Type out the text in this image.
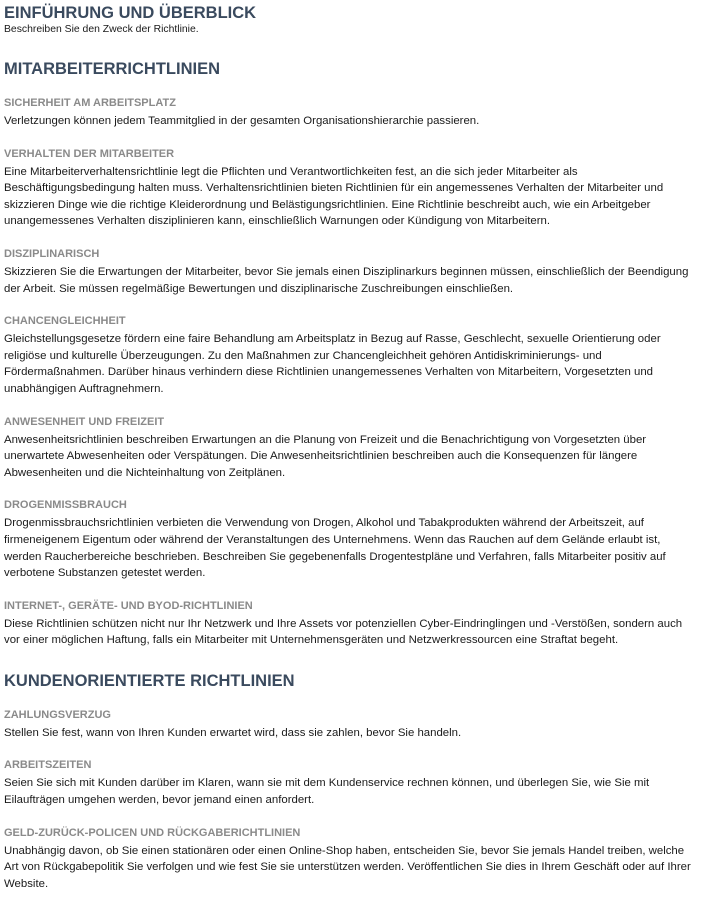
EINFÜHRUNG UND ÜBERBLICK

Beschreiben Sie den Zweck der Richtlinie.

MITARBEITERRICHTLINIEN
SICHERHEIT AM ARBEITSPLATZ

Verletzungen können jedem Teammitglied in der gesamten Organisationshierarchie passieren.

VERHALTEN DER MITARBEITER

Eine Mitarbeiterverhaltensrichtlinie legt die Pflichten und Verantwortlichkeiten fest, an die sich jeder Mitarbeiter als Beschäftigungsbedingung halten muss. Verhaltensrichtlinien bieten Richtlinien für ein angemessenes Verhalten der Mitarbeiter und skizzieren Dinge wie die richtige Kleiderordnung und Belästigungsrichtlinien. Eine Richtlinie beschreibt auch, wie ein Arbeitgeber unangemessenes Verhalten disziplinieren kann, einschließlich Warnungen oder Kündigung von Mitarbeitern.

DISZIPLINARISCH

Skizzieren Sie die Erwartungen der Mitarbeiter, bevor Sie jemals einen Disziplinarkurs beginnen müssen, einschließlich der Beendigung der Arbeit. Sie müssen regelmäßige Bewertungen und disziplinarische Zuschreibungen einschließen.

CHANCENGLEICHHEIT

Gleichstellungsgesetze fördern eine faire Behandlung am Arbeitsplatz in Bezug auf Rasse, Geschlecht, sexuelle Orientierung oder religiöse und kulturelle Überzeugungen. Zu den Maßnahmen zur Chancengleichheit gehören Antidiskriminierungs- und Fördermaßnahmen. Darüber hinaus verhindern diese Richtlinien unangemessenes Verhalten von Mitarbeitern, Vorgesetzten und unabhängigen Auftragnehmern.

ANWESENHEIT UND FREIZEIT

Anwesenheitsrichtlinien beschreiben Erwartungen an die Planung von Freizeit und die Benachrichtigung von Vorgesetzten über unerwartete Abwesenheiten oder Verspätungen. Die Anwesenheitsrichtlinien beschreiben auch die Konsequenzen für längere Abwesenheiten und die Nichteinhaltung von Zeitplänen.

DROGENMISSBRAUCH

Drogenmissbrauchsrichtlinien verbieten die Verwendung von Drogen, Alkohol und Tabakprodukten während der Arbeitszeit, auf firmeneigenem Eigentum oder während der Veranstaltungen des Unternehmens. Wenn das Rauchen auf dem Gelände erlaubt ist, werden Raucherbereiche beschrieben. Beschreiben Sie gegebenenfalls Drogentestpläne und Verfahren, falls Mitarbeiter positiv auf verbotene Substanzen getestet werden.

INTERNET-, GERÄTE- UND BYOD-RICHTLINIEN

Diese Richtlinien schützen nicht nur Ihr Netzwerk und Ihre Assets vor potenziellen Cyber-Eindringlingen und -Verstößen, sondern auch vor einer möglichen Haftung, falls ein Mitarbeiter mit Unternehmensgeräten und Netzwerkressourcen eine Straftat begeht.

KUNDENORIENTIERTE RICHTLINIEN
ZAHLUNGSVERZUG

Stellen Sie fest, wann von Ihren Kunden erwartet wird, dass sie zahlen, bevor Sie handeln.

ARBEITSZEITEN

Seien Sie sich mit Kunden darüber im Klaren, wann sie mit dem Kundenservice rechnen können, und überlegen Sie, wie Sie mit Eilaufträgen umgehen werden, bevor jemand einen anfordert.

GELD-ZURÜCK-POLICEN UND RÜCKGABERICHTLINIEN

Unabhängig davon, ob Sie einen stationären oder einen Online-Shop haben, entscheiden Sie, bevor Sie jemals Handel treiben, welche Art von Rückgabepolitik Sie verfolgen und wie fest Sie sie unterstützen werden. Veröffentlichen Sie dies in Ihrem Geschäft oder auf Ihrer Website.
